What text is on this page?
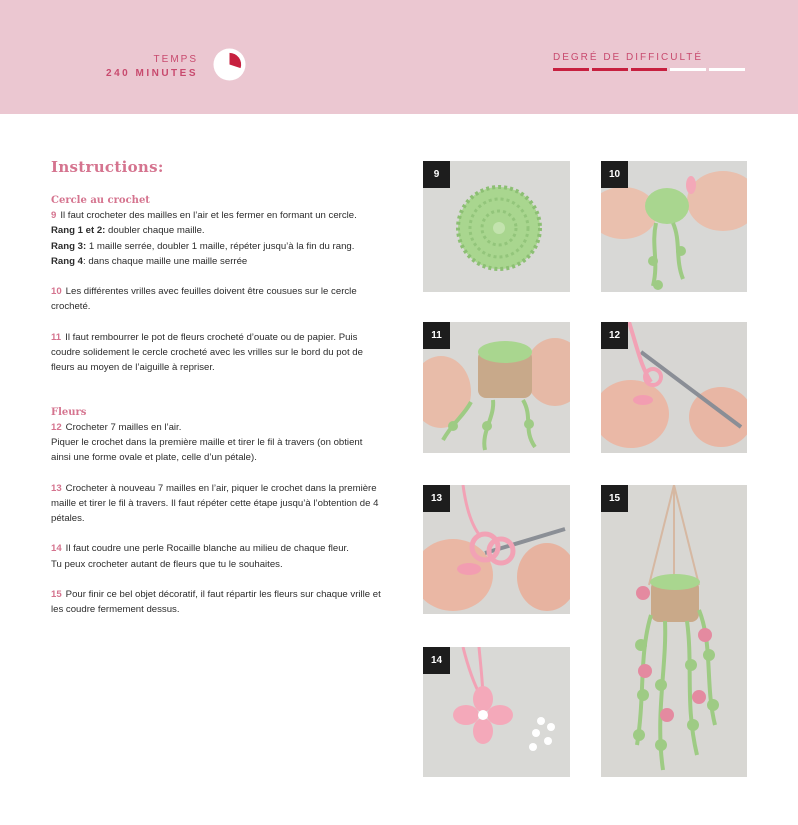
TEMPS
240 MINUTES
DEGRÉ DE DIFFICULTÉ
Instructions:
Cercle au crochet

9 Il faut crocheter des mailles en l’air et les fermer en formant un cercle.

Rang 1 et 2: doubler chaque maille.

Rang 3: 1 maille serrée, doubler 1 maille, répéter jusqu’à la fin du rang.

Rang 4: dans chaque maille une maille serrée

10 Les différentes vrilles avec feuilles doivent être cousues sur le cercle crocheté.

11 Il faut rembourrer le pot de fleurs crocheté d’ouate ou de papier. Puis coudre solidement le cercle crocheté avec les vrilles sur le bord du pot de fleurs au moyen de l’aiguille à repriser.

Fleurs

12 Crocheter 7 mailles en l’air.

Piquer le crochet dans la première maille et tirer le fil à travers (on obtient ainsi une forme ovale et plate, celle d’un pétale).

13 Crocheter à nouveau 7 mailles en l’air, piquer le crochet dans la première maille et tirer le fil à travers. Il faut répéter cette étape jusqu’à l’obtention de 4 pétales.

14 Il faut coudre une perle Rocaille blanche au milieu de chaque fleur.

Tu peux crocheter autant de fleurs que tu le souhaites.

15 Pour finir ce bel objet décoratif, il faut répartir les fleurs sur chaque vrille et les coudre fermement dessus.

9	10
11	12
13
14
15
